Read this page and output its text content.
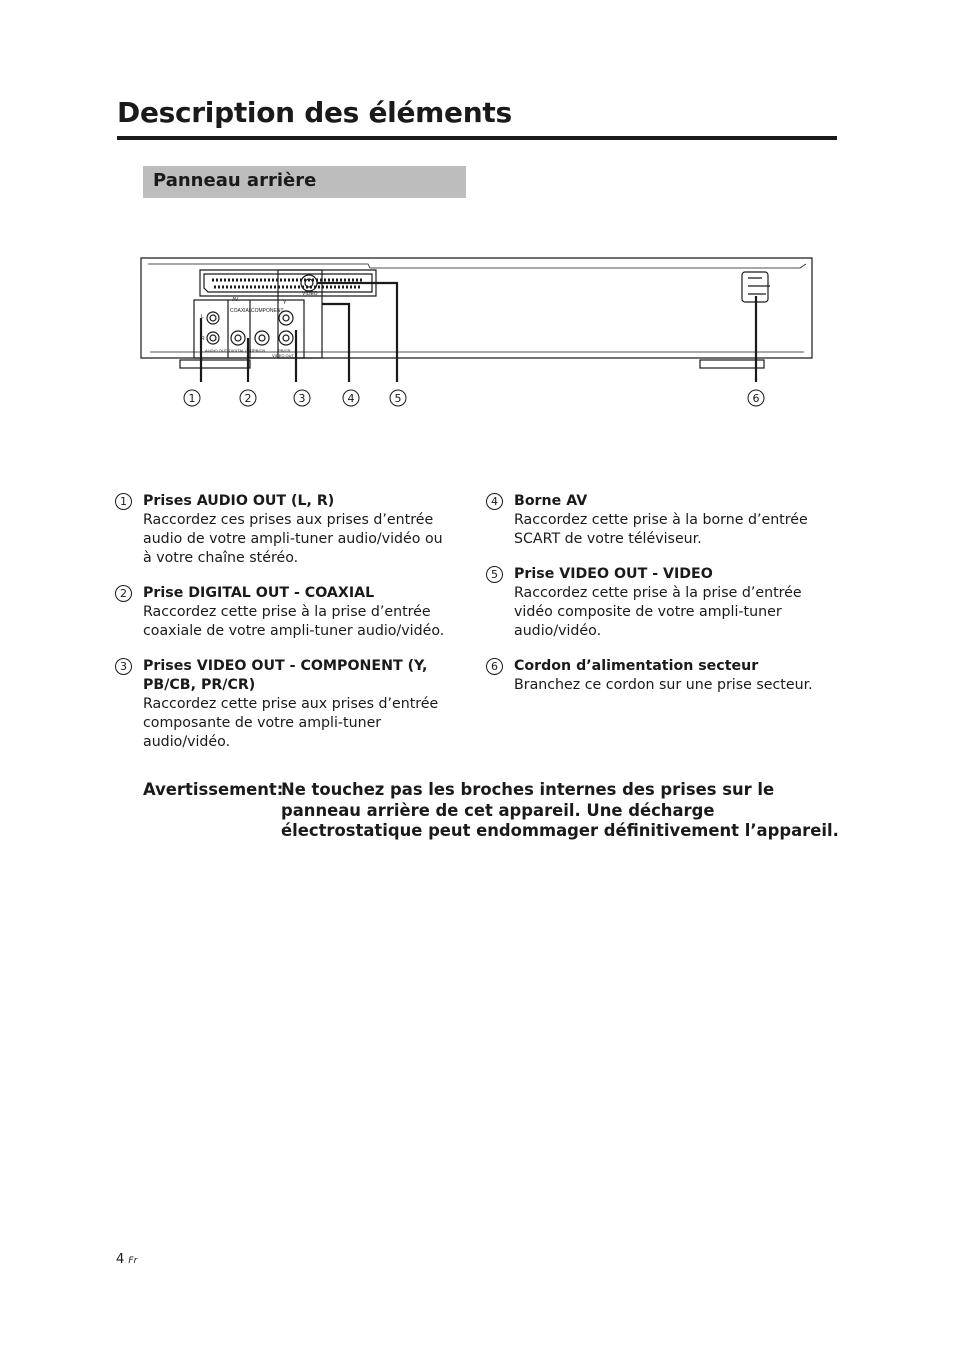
Description des éléments
Panneau arrière
AV
COAXIAL COMPONENT
Y
VIDEO
L
R
AUDIO OUT DIGITAL OUT PB/CB	PR/CR
VIDEO OUT
1	2	3	4	5	6
1	Prises AUDIO OUT (L, R)
Raccordez ces prises aux prises d’entrée audio de votre ampli-tuner audio/vidéo ou à votre chaîne stéréo.
2	Prise DIGITAL OUT - COAXIAL
Raccordez cette prise à la prise d’entrée coaxiale de votre ampli-tuner audio/vidéo.
3	Prises VIDEO OUT - COMPONENT (Y, PB/CB, PR/CR)
Raccordez cette prise aux prises d’entrée composante de votre ampli-tuner audio/vidéo.
4	Borne AV
Raccordez cette prise à la borne d’entrée SCART de votre téléviseur.
5	Prise VIDEO OUT - VIDEO
Raccordez cette prise à la prise d’entrée vidéo composite de votre ampli-tuner audio/vidéo.
6	Cordon d’alimentation secteur
Branchez ce cordon sur une prise secteur.
Avertissement:
Ne touchez pas les broches internes des prises sur le panneau arrière de cet appareil. Une décharge électrostatique peut endommager définitivement l’appareil.
4 Fr
